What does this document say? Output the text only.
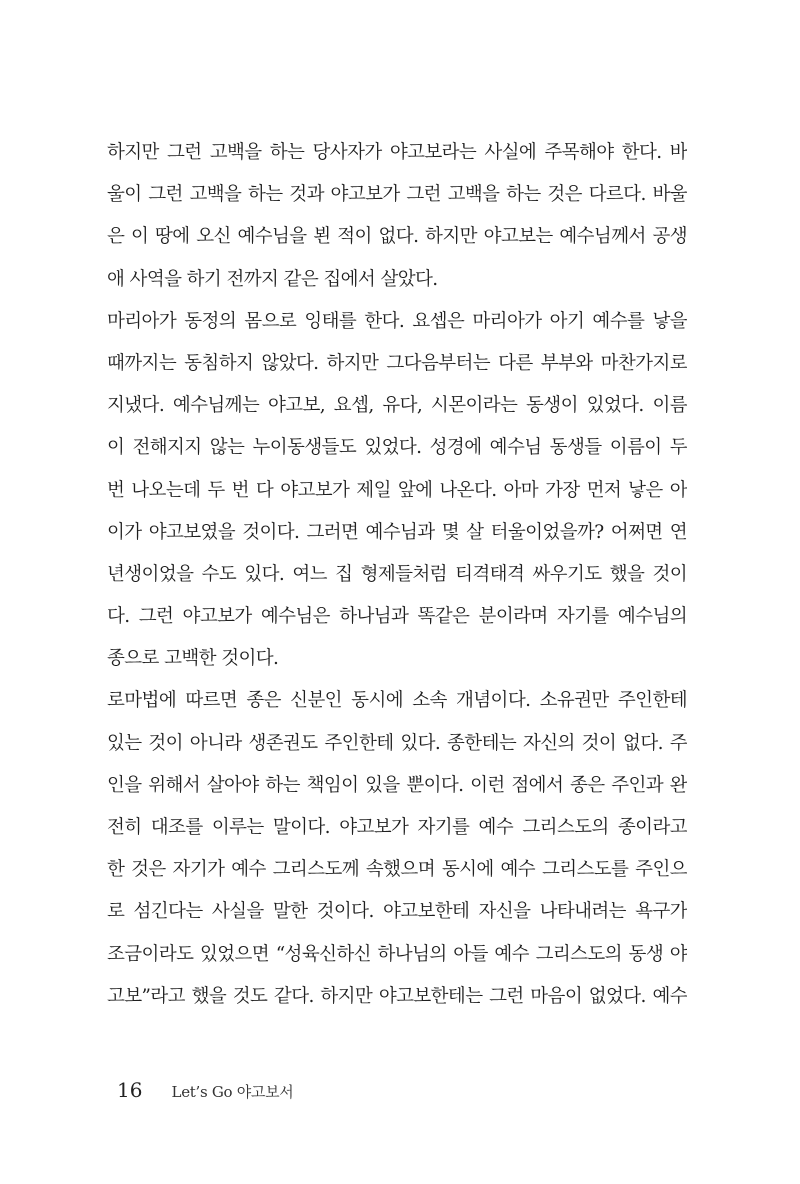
하지만 그런 고백을 하는 당사자가 야고보라는 사실에 주목해야 한다. 바
울이 그런 고백을 하는 것과 야고보가 그런 고백을 하는 것은 다르다. 바울
은 이 땅에 오신 예수님을 뵌 적이 없다. 하지만 야고보는 예수님께서 공생
애 사역을 하기 전까지 같은 집에서 살았다.
마리아가 동정의 몸으로 잉태를 한다. 요셉은 마리아가 아기 예수를 낳을
때까지는 동침하지 않았다. 하지만 그다음부터는 다른 부부와 마찬가지로
지냈다. 예수님께는 야고보, 요셉, 유다, 시몬이라는 동생이 있었다. 이름
이 전해지지 않는 누이동생들도 있었다. 성경에 예수님 동생들 이름이 두
번 나오는데 두 번 다 야고보가 제일 앞에 나온다. 아마 가장 먼저 낳은 아
이가 야고보였을 것이다. 그러면 예수님과 몇 살 터울이었을까? 어쩌면 연
년생이었을 수도 있다. 여느 집 형제들처럼 티격태격 싸우기도 했을 것이
다. 그런 야고보가 예수님은 하나님과 똑같은 분이라며 자기를 예수님의
종으로 고백한 것이다.
로마법에 따르면 종은 신분인 동시에 소속 개념이다. 소유권만 주인한테
있는 것이 아니라 생존권도 주인한테 있다. 종한테는 자신의 것이 없다. 주
인을 위해서 살아야 하는 책임이 있을 뿐이다. 이런 점에서 종은 주인과 완
전히 대조를 이루는 말이다. 야고보가 자기를 예수 그리스도의 종이라고
한 것은 자기가 예수 그리스도께 속했으며 동시에 예수 그리스도를 주인으
로 섬긴다는 사실을 말한 것이다. 야고보한테 자신을 나타내려는 욕구가
조금이라도 있었으면 “성육신하신 하나님의 아들 예수 그리스도의 동생 야
고보”라고 했을 것도 같다. 하지만 야고보한테는 그런 마음이 없었다. 예수
16 Let’s Go 야고보서
